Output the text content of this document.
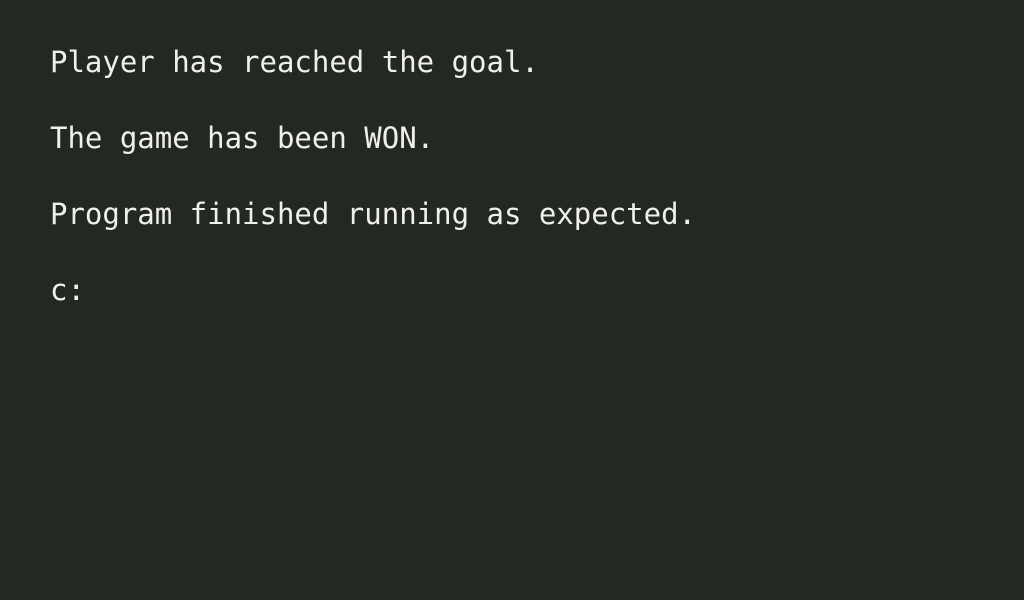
Player has reached the goal.
The game has been WON.
Program finished running as expected.
c:
